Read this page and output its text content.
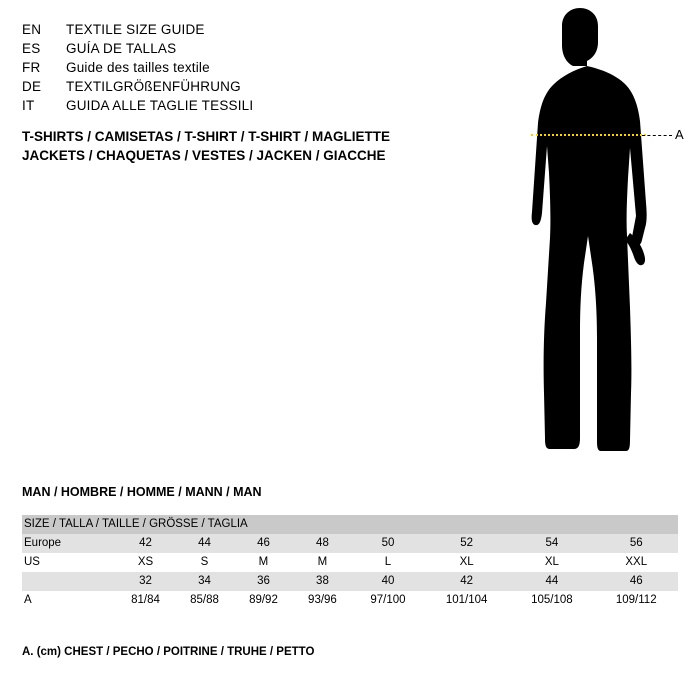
EN	TEXTILE SIZE GUIDE
ES	GUÍA DE TALLAS
FR	Guide des tailles textile
DE	TEXTILGRÖßENFÜHRUNG
IT	GUIDA ALLE TAGLIE TESSILI
T-SHIRTS / CAMISETAS / T-SHIRT / T-SHIRT / MAGLIETTE
JACKETS / CHAQUETAS / VESTES / JACKEN / GIACCHE
A
MAN / HOMBRE / HOMME / MANN / MAN
SIZE / TALLA / TAILLE / GRÖSSE / TAGLIA								
Europe	42	44	46	48	50	52	54	56
US	XS	S	M	M	L	XL	XL	XXL
	32	34	36	38	40	42	44	46
A	81/84	85/88	89/92	93/96	97/100	101/104	105/108	109/112
A. (cm) CHEST / PECHO / POITRINE / TRUHE / PETTO
